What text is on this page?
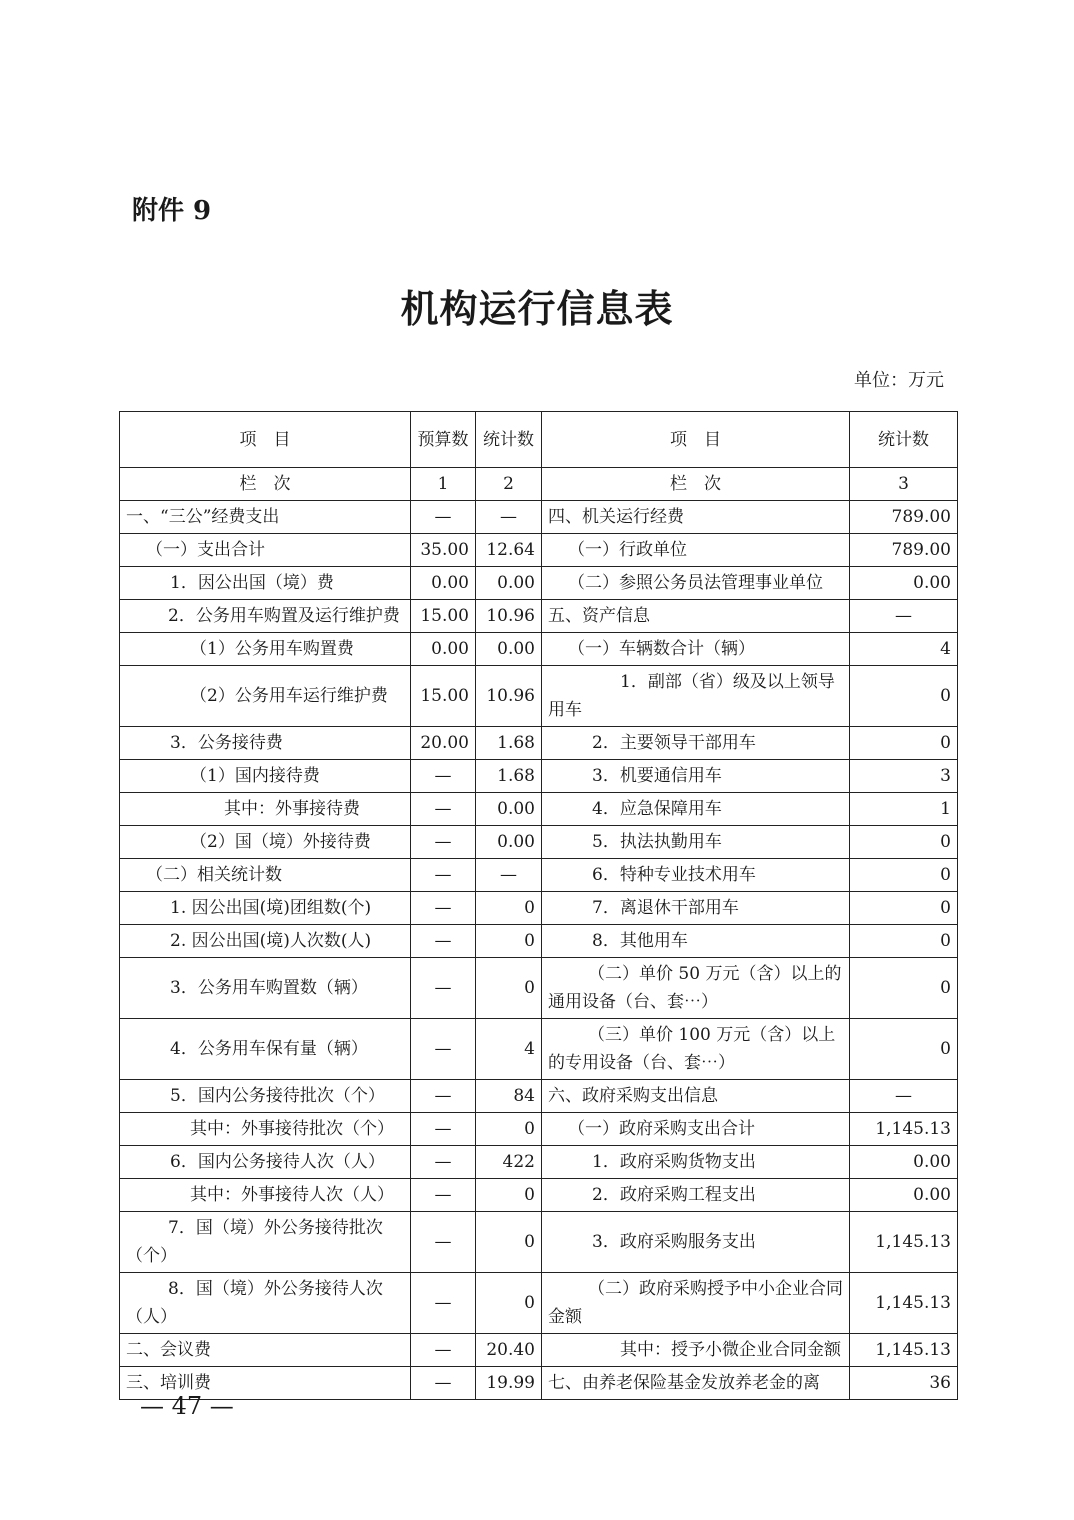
附件 9
机构运行信息表
单位：万元
项　目	预算数	统计数	项　目	统计数
栏　次	1	2	栏　次	3
一、“三公”经费支出	—	—	四、机关运行经费	789.00
（一）支出合计	35.00	12.64	（一）行政单位	789.00
1．因公出国（境）费	0.00	0.00	（二）参照公务员法管理事业单位	0.00
2．公务用车购置及运行维护费	15.00	10.96	五、资产信息	—
（1）公务用车购置费	0.00	0.00	（一）车辆数合计（辆）	4
（2）公务用车运行维护费	15.00	10.96	1．副部（省）级及以上领导用车	0
3．公务接待费	20.00	1.68	2．主要领导干部用车	0
（1）国内接待费	—	1.68	3．机要通信用车	3
其中：外事接待费	—	0.00	4．应急保障用车	1
（2）国（境）外接待费	—	0.00	5．执法执勤用车	0
（二）相关统计数	—	—	6．特种专业技术用车	0
1. 因公出国(境)团组数(个)	—	0	7．离退休干部用车	0
2. 因公出国(境)人次数(人)	—	0	8．其他用车	0
3．公务用车购置数（辆）	—	0	（二）单价 50 万元（含）以上的通用设备（台、套⋯）	0
4．公务用车保有量（辆）	—	4	（三）单价 100 万元（含）以上的专用设备（台、套⋯）	0
5．国内公务接待批次（个）	—	84	六、政府采购支出信息	—
其中：外事接待批次（个）	—	0	（一）政府采购支出合计	1,145.13
6．国内公务接待人次（人）	—	422	1．政府采购货物支出	0.00
其中：外事接待人次（人）	—	0	2．政府采购工程支出	0.00
7．国（境）外公务接待批次（个）	—	0	3．政府采购服务支出	1,145.13
8．国（境）外公务接待人次（人）	—	0	（二）政府采购授予中小企业合同金额	1,145.13
二、会议费	—	20.40	其中：授予小微企业合同金额	1,145.13
三、培训费	—	19.99	七、由养老保险基金发放养老金的离	36
— 47 —
